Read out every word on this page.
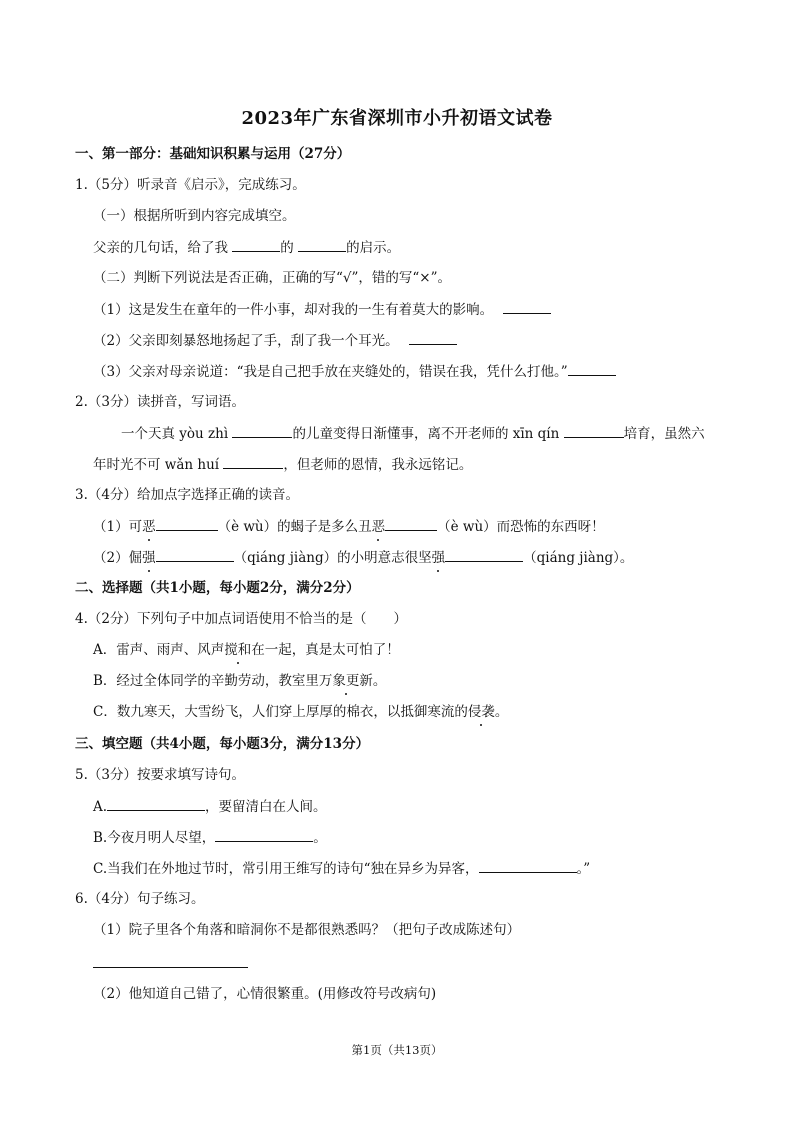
2023年广东省深圳市小升初语文试卷
一、第一部分：基础知识积累与运用（27分）
1.（5分）听录音《启示》，完成练习。
（一）根据所听到内容完成填空。
父亲的几句话，给了我	的	的启示。
（二）判断下列说法是否正确，正确的写“√”，错的写“×”。
（1）这是发生在童年的一件小事，却对我的一生有着莫大的影响。
（2）父亲即刻暴怒地扬起了手，刮了我一个耳光。
（3）父亲对母亲说道：“我是自己把手放在夹缝处的，错误在我，凭什么打他。”
2.（3分）读拼音，写词语。
一个天真 yòu zhì	的儿童变得日渐懂事，离不开老师的 xīn qín	培育，虽然六
年时光不可 wǎn huí	，但老师的恩情，我永远铭记。
3.（4分）给加点字选择正确的读音。
（1）可恶	（è wù）的蝎子是多么丑恶	（è wù）而恐怖的东西呀！
（2）倔强	（qiáng jiàng）的小明意志很坚强	（qiáng jiàng）。
二、选择题（共1小题，每小题2分，满分2分）
4.（2分）下列句子中加点词语使用不恰当的是（　　）
A．雷声、雨声、风声搅和在一起，真是太可怕了！
B．经过全体同学的辛勤劳动，教室里万象更新。
C．数九寒天，大雪纷飞，人们穿上厚厚的棉衣，以抵御寒流的侵袭。
三、填空题（共4小题，每小题3分，满分13分）
5.（3分）按要求填写诗句。
A.	，要留清白在人间。
B.今夜月明人尽望，	。
C.当我们在外地过节时，常引用王维写的诗句“独在异乡为异客，	。”
6.（4分）句子练习。
（1）院子里各个角落和暗洞你不是都很熟悉吗？（把句子改成陈述句）
（2）他知道自己错了，心情很繁重。(用修改符号改病句)
第1页（共13页）
